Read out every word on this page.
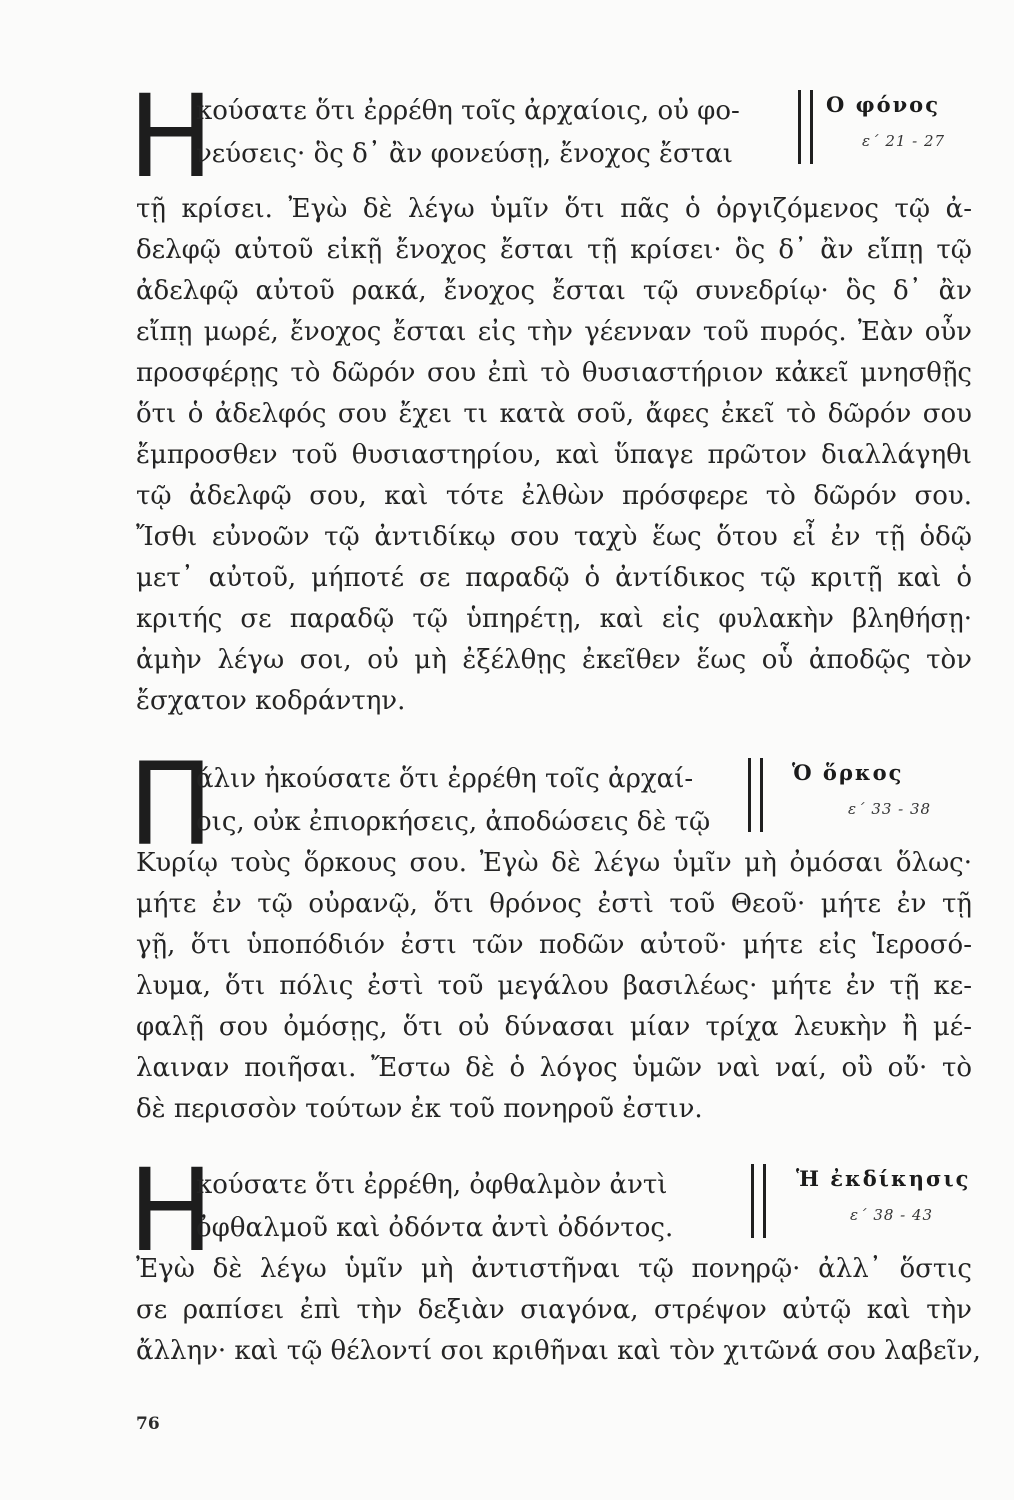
Η
κούσατε ὅτι ἐρρέθη τοῖς ἀρχαίοις, οὐ φο-
νεύσεις· ὃς δ᾽ ἂν φονεύσῃ, ἔνοχος ἔσται
Ο φόνος
ε´ 21 - 27
τῇ κρίσει. Ἐγὼ δὲ λέγω ὑμῖν ὅτι πᾶς ὁ ὀργιζόμενος τῷ ἀ-
δελφῷ αὐτοῦ εἰκῇ ἔνοχος ἔσται τῇ κρίσει· ὃς δ᾽ ἂν εἴπῃ τῷ
ἀδελφῷ αὐτοῦ ρακά, ἔνοχος ἔσται τῷ συνεδρίῳ· ὃς δ᾽ ἂν
εἴπῃ μωρέ, ἔνοχος ἔσται εἰς τὴν γέενναν τοῦ πυρός. Ἐὰν οὖν
προσφέρῃς τὸ δῶρόν σου ἐπὶ τὸ θυσιαστήριον κἀκεῖ μνησθῇς
ὅτι ὁ ἀδελφός σου ἔχει τι κατὰ σοῦ, ἄφες ἐκεῖ τὸ δῶρόν σου
ἔμπροσθεν τοῦ θυσιαστηρίου, καὶ ὕπαγε πρῶτον διαλλάγηθι
τῷ ἀδελφῷ σου, καὶ τότε ἐλθὼν πρόσφερε τὸ δῶρόν σου.
Ἴσθι εὐνοῶν τῷ ἀντιδίκῳ σου ταχὺ ἕως ὅτου εἶ ἐν τῇ ὁδῷ
μετ᾽ αὐτοῦ, μήποτέ σε παραδῷ ὁ ἀντίδικος τῷ κριτῇ καὶ ὁ
κριτής σε παραδῷ τῷ ὑπηρέτῃ, καὶ εἰς φυλακὴν βληθήσῃ·
ἀμὴν λέγω σοι, οὐ μὴ ἐξέλθῃς ἐκεῖθεν ἕως οὗ ἀποδῷς τὸν
ἔσχατον κοδράντην.
Π
άλιν ἠκούσατε ὅτι ἐρρέθη τοῖς ἀρχαί-
οις, οὐκ ἐπιορκήσεις, ἀποδώσεις δὲ τῷ
Ὁ ὅρκος
ε´ 33 - 38
Κυρίῳ τοὺς ὅρκους σου. Ἐγὼ δὲ λέγω ὑμῖν μὴ ὀμόσαι ὅλως·
μήτε ἐν τῷ οὐρανῷ, ὅτι θρόνος ἐστὶ τοῦ Θεοῦ· μήτε ἐν τῇ
γῇ, ὅτι ὑποπόδιόν ἐστι τῶν ποδῶν αὐτοῦ· μήτε εἰς Ἱεροσό-
λυμα, ὅτι πόλις ἐστὶ τοῦ μεγάλου βασιλέως· μήτε ἐν τῇ κε-
φαλῇ σου ὀμόσῃς, ὅτι οὐ δύνασαι μίαν τρίχα λευκὴν ἢ μέ-
λαιναν ποιῆσαι. Ἔστω δὲ ὁ λόγος ὑμῶν ναὶ ναί, οὒ οὔ· τὸ
δὲ περισσὸν τούτων ἐκ τοῦ πονηροῦ ἐστιν.
Η
κούσατε ὅτι ἐρρέθη, ὀφθαλμὸν ἀντὶ
ὀφθαλμοῦ καὶ ὀδόντα ἀντὶ ὀδόντος.
Ἡ ἐκδίκησις
ε´ 38 - 43
Ἐγὼ δὲ λέγω ὑμῖν μὴ ἀντιστῆναι τῷ πονηρῷ· ἀλλ᾽ ὅστις
σε ραπίσει ἐπὶ τὴν δεξιὰν σιαγόνα, στρέψον αὐτῷ καὶ τὴν
ἄλλην· καὶ τῷ θέλοντί σοι κριθῆναι καὶ τὸν χιτῶνά σου λαβεῖν,
76
